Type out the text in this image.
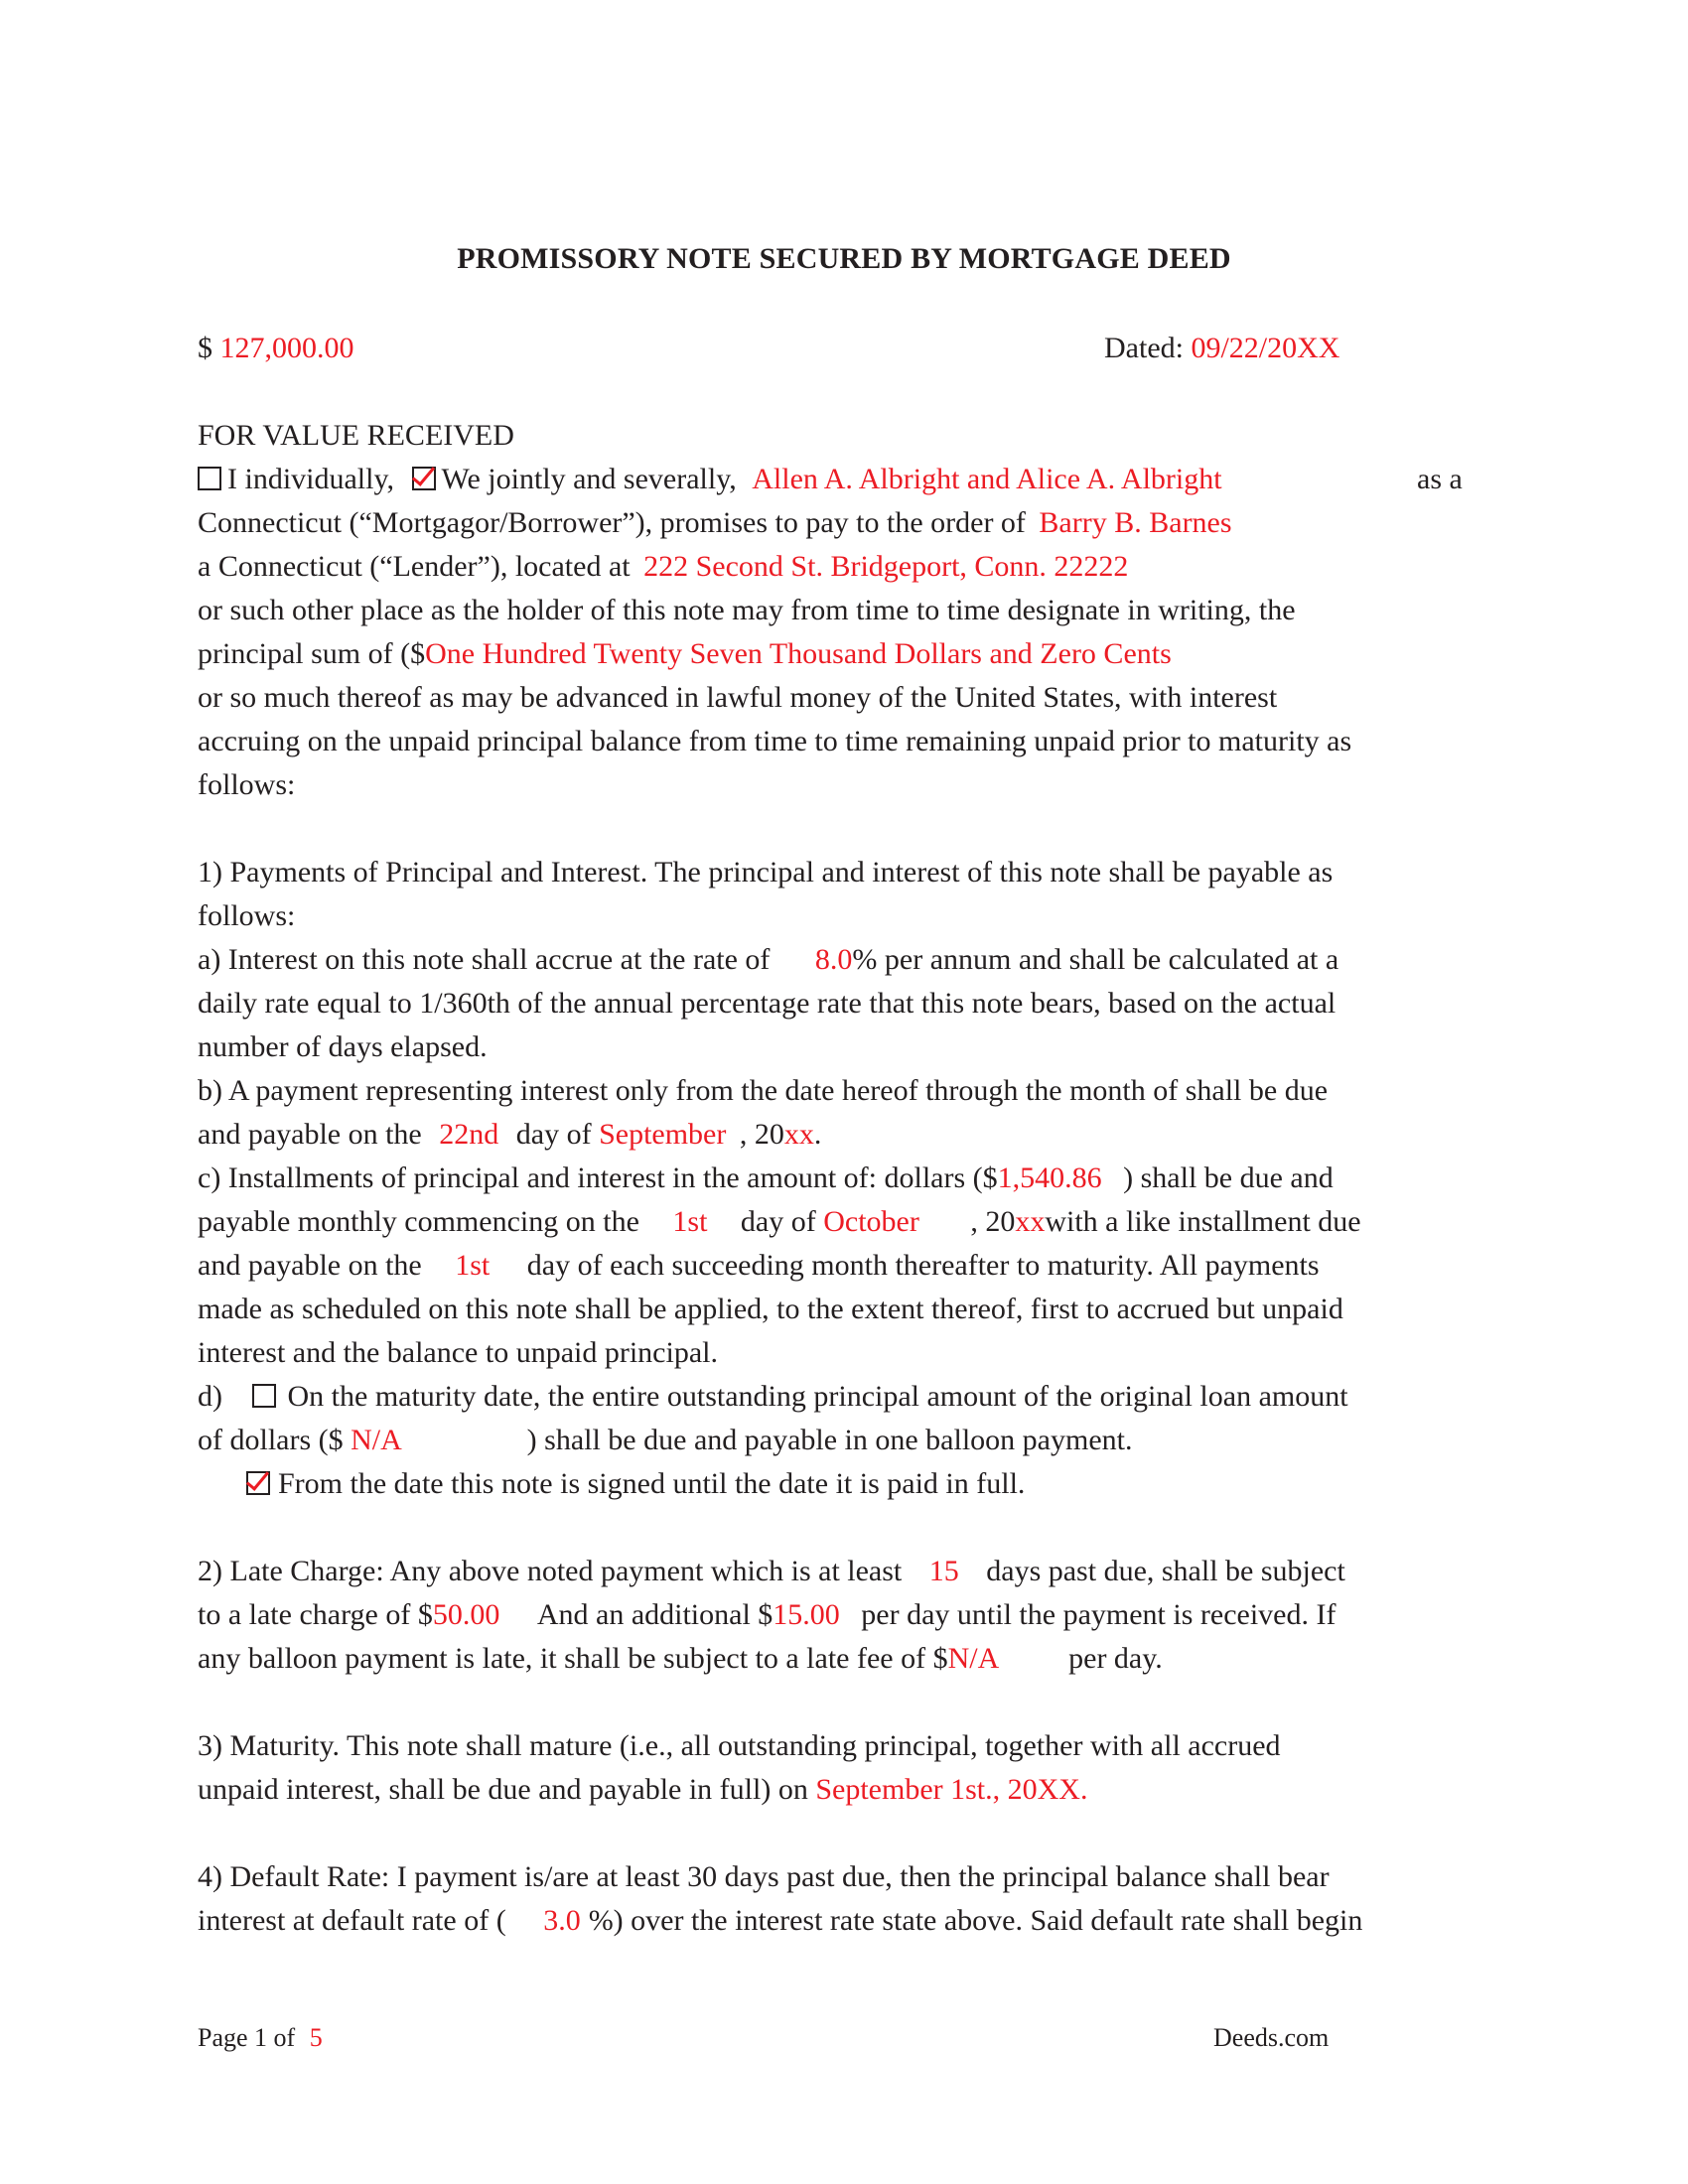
PROMISSORY NOTE SECURED BY MORTGAGE DEED
$ 127,000.00	Dated: 09/22/20XX
FOR VALUE RECEIVED
I individually, We jointly and severally, Allen A. Albright and Alice A. Albright	as a
Connecticut (“Mortgagor/Borrower”), promises to pay to the order of Barry B. Barnes
a Connecticut (“Lender”), located at 222 Second St. Bridgeport, Conn. 22222
or such other place as the holder of this note may from time to time designate in writing, the
principal sum of ($One Hundred Twenty Seven Thousand Dollars and Zero Cents
or so much thereof as may be advanced in lawful money of the United States, with interest
accruing on the unpaid principal balance from time to time remaining unpaid prior to maturity as
follows:
1) Payments of Principal and Interest. The principal and interest of this note shall be payable as
follows:
a) Interest on this note shall accrue at the rate of 8.0% per annum and shall be calculated at a
daily rate equal to 1/360th of the annual percentage rate that this note bears, based on the actual
number of days elapsed.
b) A payment representing interest only from the date hereof through the month of shall be due
and payable on the 22nd day of September , 20xx.
c) Installments of principal and interest in the amount of: dollars ($1,540.86 ) shall be due and
payable monthly commencing on the 1st day of October , 20xxwith a like installment due
and payable on the 1st day of each succeeding month thereafter to maturity. All payments
made as scheduled on this note shall be applied, to the extent thereof, first to accrued but unpaid
interest and the balance to unpaid principal.
d) On the maturity date, the entire outstanding principal amount of the original loan amount
of dollars ($ N/A	) shall be due and payable in one balloon payment.
From the date this note is signed until the date it is paid in full.
2) Late Charge: Any above noted payment which is at least 15 days past due, shall be subject
to a late charge of $50.00 And an additional $15.00 per day until the payment is received. If
any balloon payment is late, it shall be subject to a late fee of $N/A per day.
3) Maturity. This note shall mature (i.e., all outstanding principal, together with all accrued
unpaid interest, shall be due and payable in full) on September 1st., 20XX.
4) Default Rate: I payment is/are at least 30 days past due, then the principal balance shall bear
interest at default rate of ( 3.0 %) over the interest rate state above. Said default rate shall begin
Page 1 of 5	Deeds.com
